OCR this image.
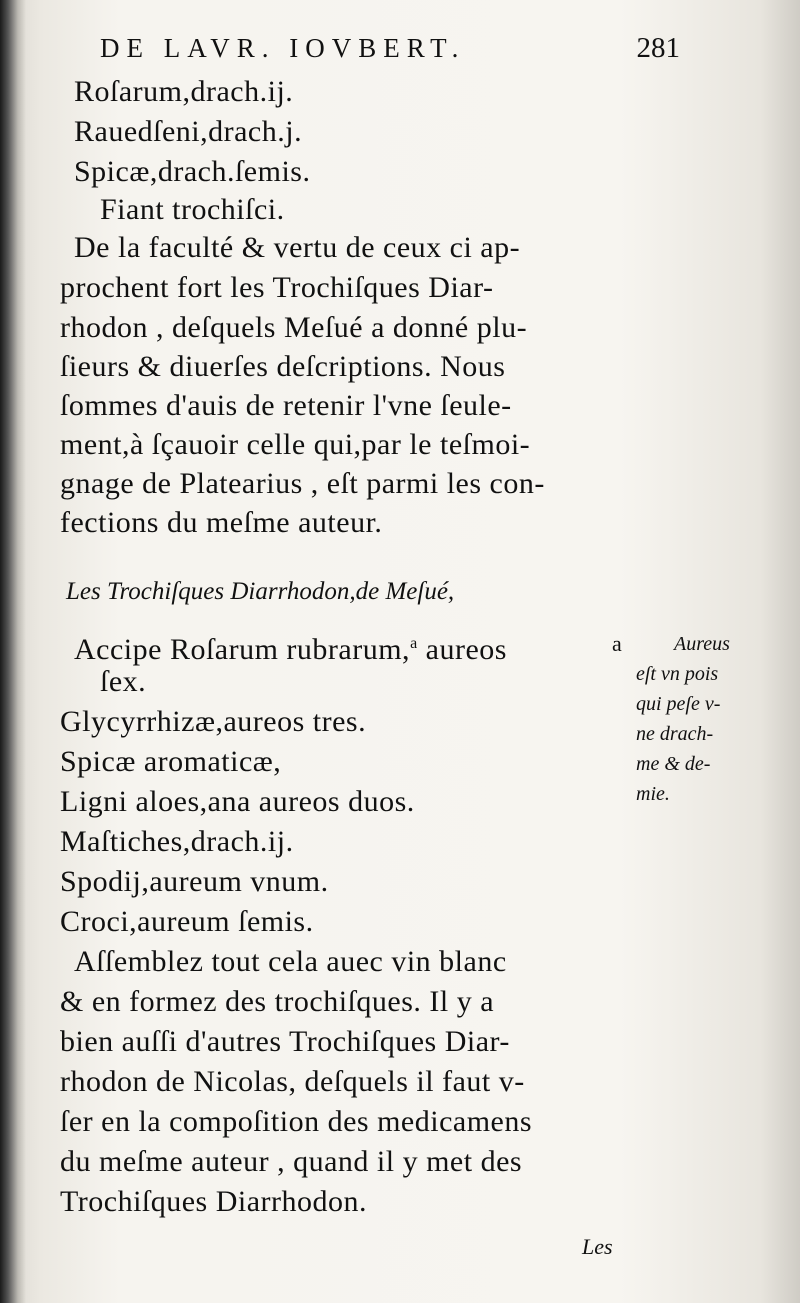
DE LAVR. IOVBERT.	281
Roſarum,drach.ij.
Rauedſeni,drach.j.
Spicæ,drach.ſemis.
Fiant trochiſci.
De la faculté & vertu de ceux ci ap-
prochent fort les Trochiſques Diar-
rhodon , deſquels Meſué a donné plu-
ſieurs & diuerſes deſcriptions. Nous
ſommes d'auis de retenir l'vne ſeule-
ment,à ſçauoir celle qui,par le teſmoi-
gnage de Platearius , eſt parmi les con-
fections du meſme auteur.
Les Trochiſques Diarrhodon,de Meſué,
Accipe Roſarum rubrarum,$^a$ aureos
ſex.
Glycyrrhizæ,aureos tres.
Spicæ aromaticæ,
Ligni aloes,ana aureos duos.
Maſtiches,drach.ij.
Spodij,aureum vnum.
Croci,aureum ſemis.
a	Aureus
eſt vn pois
qui peſe v-
ne drach-
me & de-
mie.
Aſſemblez tout cela auec vin blanc
& en formez des trochiſques. Il y a
bien auſſi d'autres Trochiſques Diar-
rhodon de Nicolas, deſquels il faut v-
ſer en la compoſition des medicamens
du meſme auteur , quand il y met des
Trochiſques Diarrhodon.
Les
